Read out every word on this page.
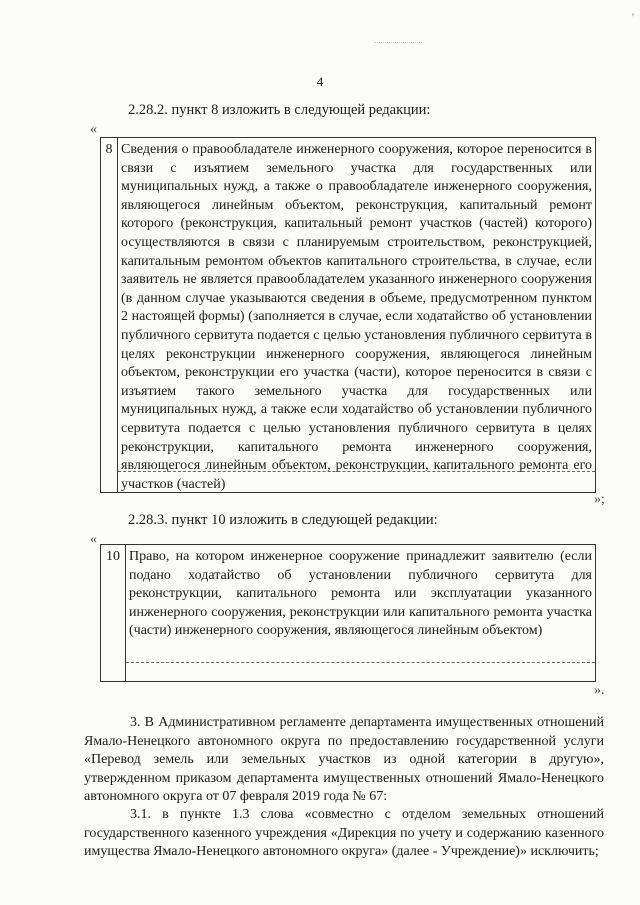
'
4
2.28.2. пункт 8 изложить в следующей редакции:
«
8 Сведения о правообладателе инженерного сооружения, которое переносится в связи с изъятием земельного участка для государственных или муниципальных нужд, а также о правообладателе инженерного сооружения, являющегося линейным объектом, реконструкция, капитальный ремонт которого (реконструкция, капитальный ремонт участков (частей) которого) осуществляются в связи с планируемым строительством, реконструкцией, капитальным ремонтом объектов капитального строительства, в случае, если заявитель не является правообладателем указанного инженерного сооружения (в данном случае указываются сведения в объеме, предусмотренном пунктом 2 настоящей формы) (заполняется в случае, если ходатайство об установлении публичного сервитута подается с целью установления публичного сервитута в целях реконструкции инженерного сооружения, являющегося линейным объектом, реконструкции его участка (части), которое переносится в связи с изъятием такого земельного участка для государственных или муниципальных нужд, а также если ходатайство об установлении публичного сервитута подается с целью установления публичного сервитута в целях реконструкции, капитального ремонта инженерного сооружения, являющегося линейным объектом, реконструкции, капитального ремонта его участков (частей)
»;
2.28.3. пункт 10 изложить в следующей редакции:
«
10 Право, на котором инженерное сооружение принадлежит заявителю (если подано ходатайство об установлении публичного сервитута для реконструкции, капитального ремонта или эксплуатации указанного инженерного сооружения, реконструкции или капитального ремонта участка (части) инженерного сооружения, являющегося линейным объектом)
».
3. В Административном регламенте департамента имущественных отношений Ямало-Ненецкого автономного округа по предоставлению государственной услуги «Перевод земель или земельных участков из одной категории в другую», утвержденном приказом департамента имущественных отношений Ямало-Ненецкого автономного округа от 07 февраля 2019 года № 67:
3.1. в пункте 1.3 слова «совместно с отделом земельных отношений государственного казенного учреждения «Дирекция по учету и содержанию казенного имущества Ямало-Ненецкого автономного округа» (далее - Учреждение)» исключить;
